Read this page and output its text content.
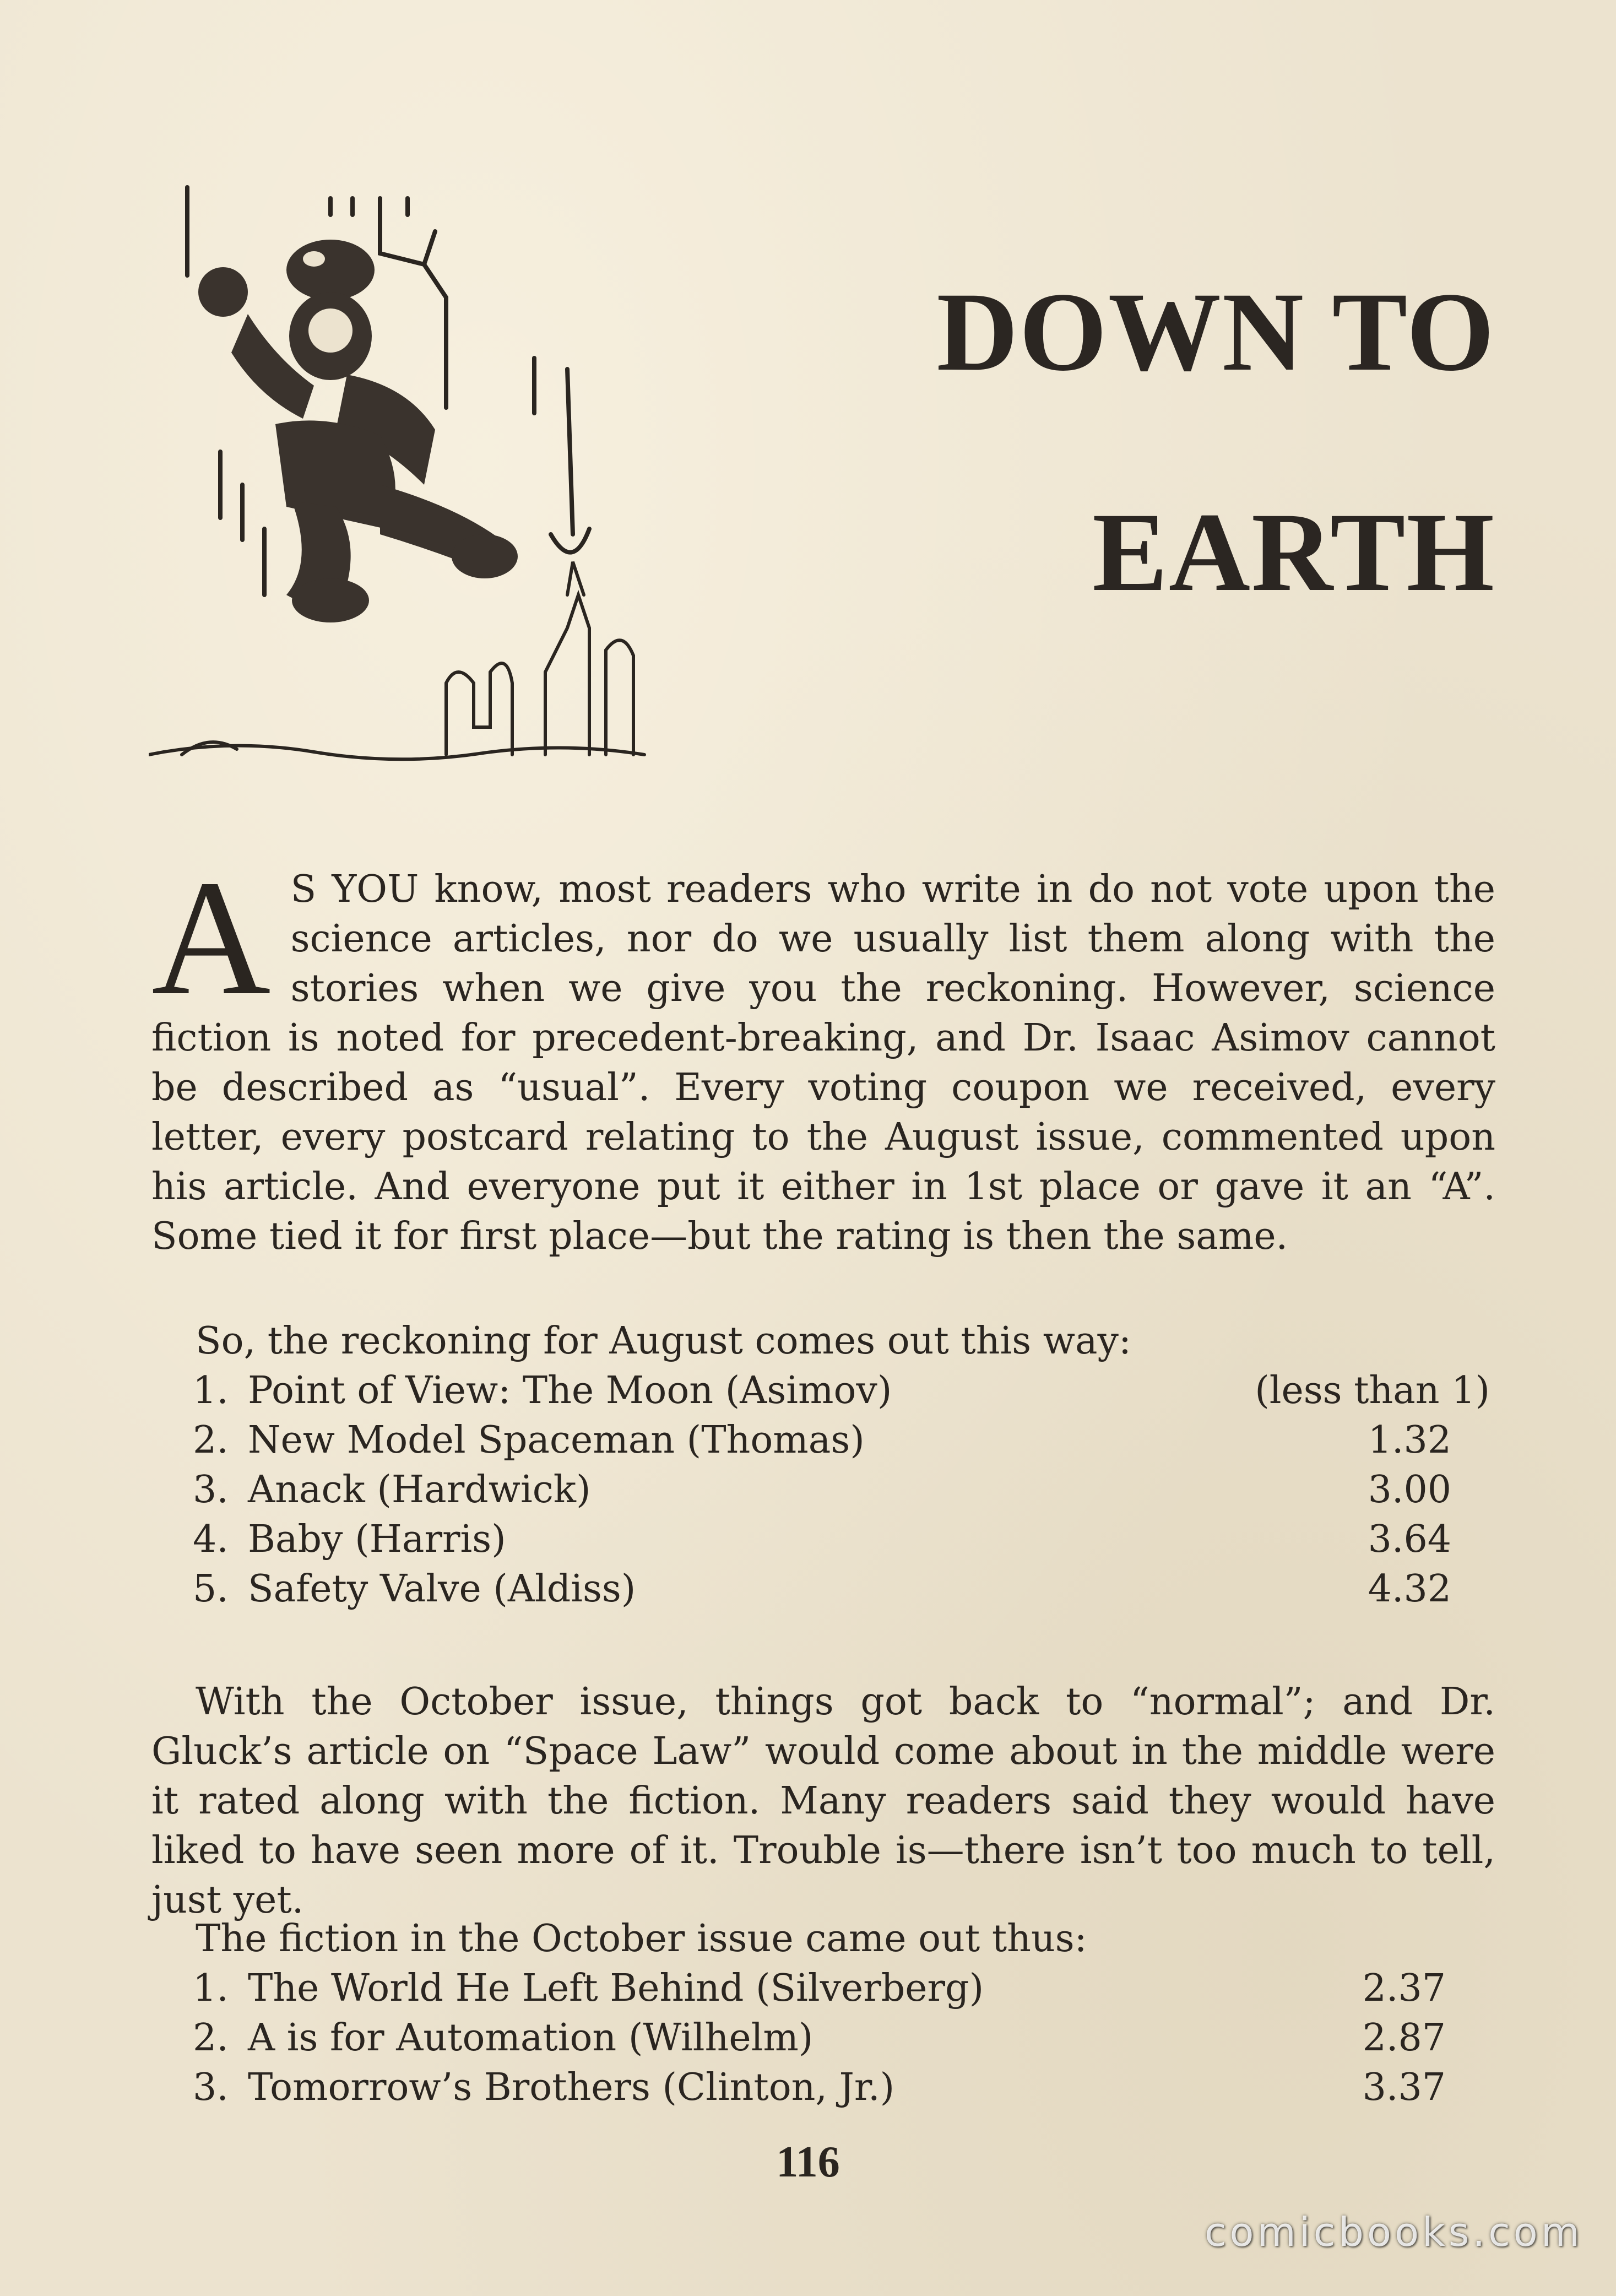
DOWN TO
EARTH

A S YOU know, most readers who write in do not vote upon the science articles, nor do we usually list them along with the stories when we give you the reckoning. However, science fiction is noted for precedent-breaking, and Dr. Isaac Asimov cannot be described as “usual”. Every voting coupon we received, every letter, every postcard relating to the August issue, commented upon his article. And everyone put it either in 1st place or gave it an “A”. Some tied it for first place—but the rating is then the same.

So, the reckoning for August comes out this way:

1. Point of View: The Moon (Asimov)	(less than 1)
2. New Model Spaceman (Thomas)	1.32
3. Anack (Hardwick)	3.00
4. Baby (Harris)	3.64
5. Safety Valve (Aldiss)	4.32

With the October issue, things got back to “normal”; and Dr. Gluck’s article on “Space Law” would come about in the middle were it rated along with the fiction. Many readers said they would have liked to have seen more of it. Trouble is—there isn’t too much to tell, just yet.

The fiction in the October issue came out thus:

1. The World He Left Behind (Silverberg)	2.37
2. A is for Automation (Wilhelm)	2.87
3. Tomorrow’s Brothers (Clinton, Jr.)	3.37
116
comicbooks.com
